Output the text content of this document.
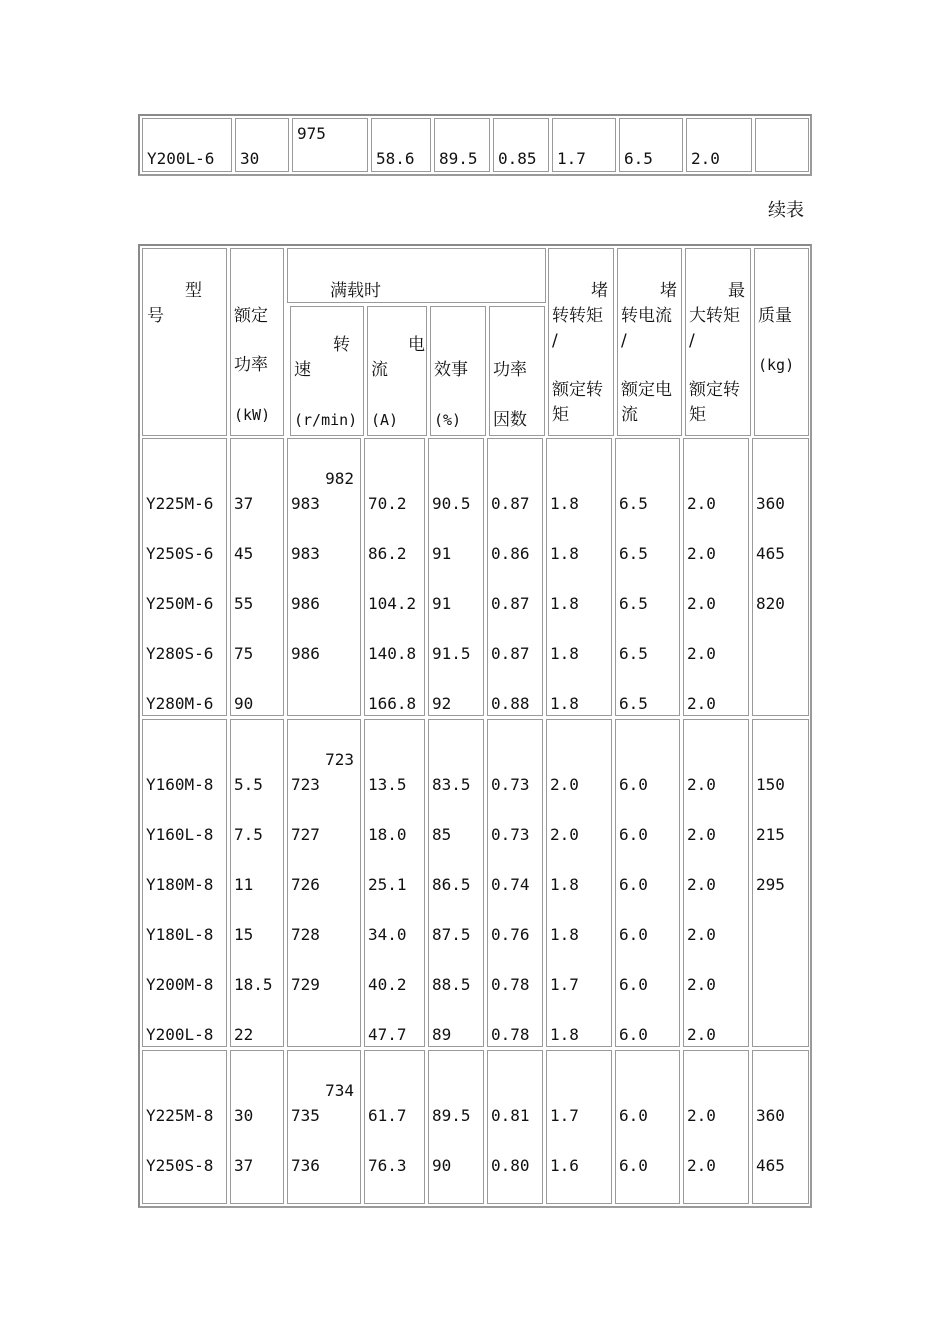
Y200L-6 30
975
58.6 89.5 0.85 1.7 6.5 2.0
续表
型
号	额定
功率
(kW)
满载时
转
速
(r/min)
电
流
(A)
效事
(%)
功率
因数
堵
转转矩
/
额定转
矩
堵
转电流
/
额定电
流
最
大转矩
/
额定转
矩
质量
(kg)
Y225M-6
Y250S-6
Y250M-6
Y280S-6
Y280M-6
37
45
55
75
90
982
983
983
986
986
70.2
86.2
104.2
140.8
166.8
90.5
91
91
91.5
92
0.87
0.86
0.87
0.87
0.88
1.8
1.8
1.8
1.8
1.8
6.5
6.5
6.5
6.5
6.5
2.0
2.0
2.0
2.0
2.0
360
465
820
Y160M-8
Y160L-8
Y180M-8
Y180L-8
Y200M-8
Y200L-8
5.5
7.5
11
15
18.5
22
723
723
727
726
728
729
13.5
18.0
25.1
34.0
40.2
47.7
83.5
85
86.5
87.5
88.5
89
0.73
0.73
0.74
0.76
0.78
0.78
2.0
2.0
1.8
1.8
1.7
1.8
6.0
6.0
6.0
6.0
6.0
6.0
2.0
2.0
2.0
2.0
2.0
2.0
150
215
295
Y225M-8
Y250S-8
30
37
734
735
736
61.7
76.3
89.5
90
0.81
0.80
1.7
1.6
6.0
6.0
2.0
2.0
360
465
